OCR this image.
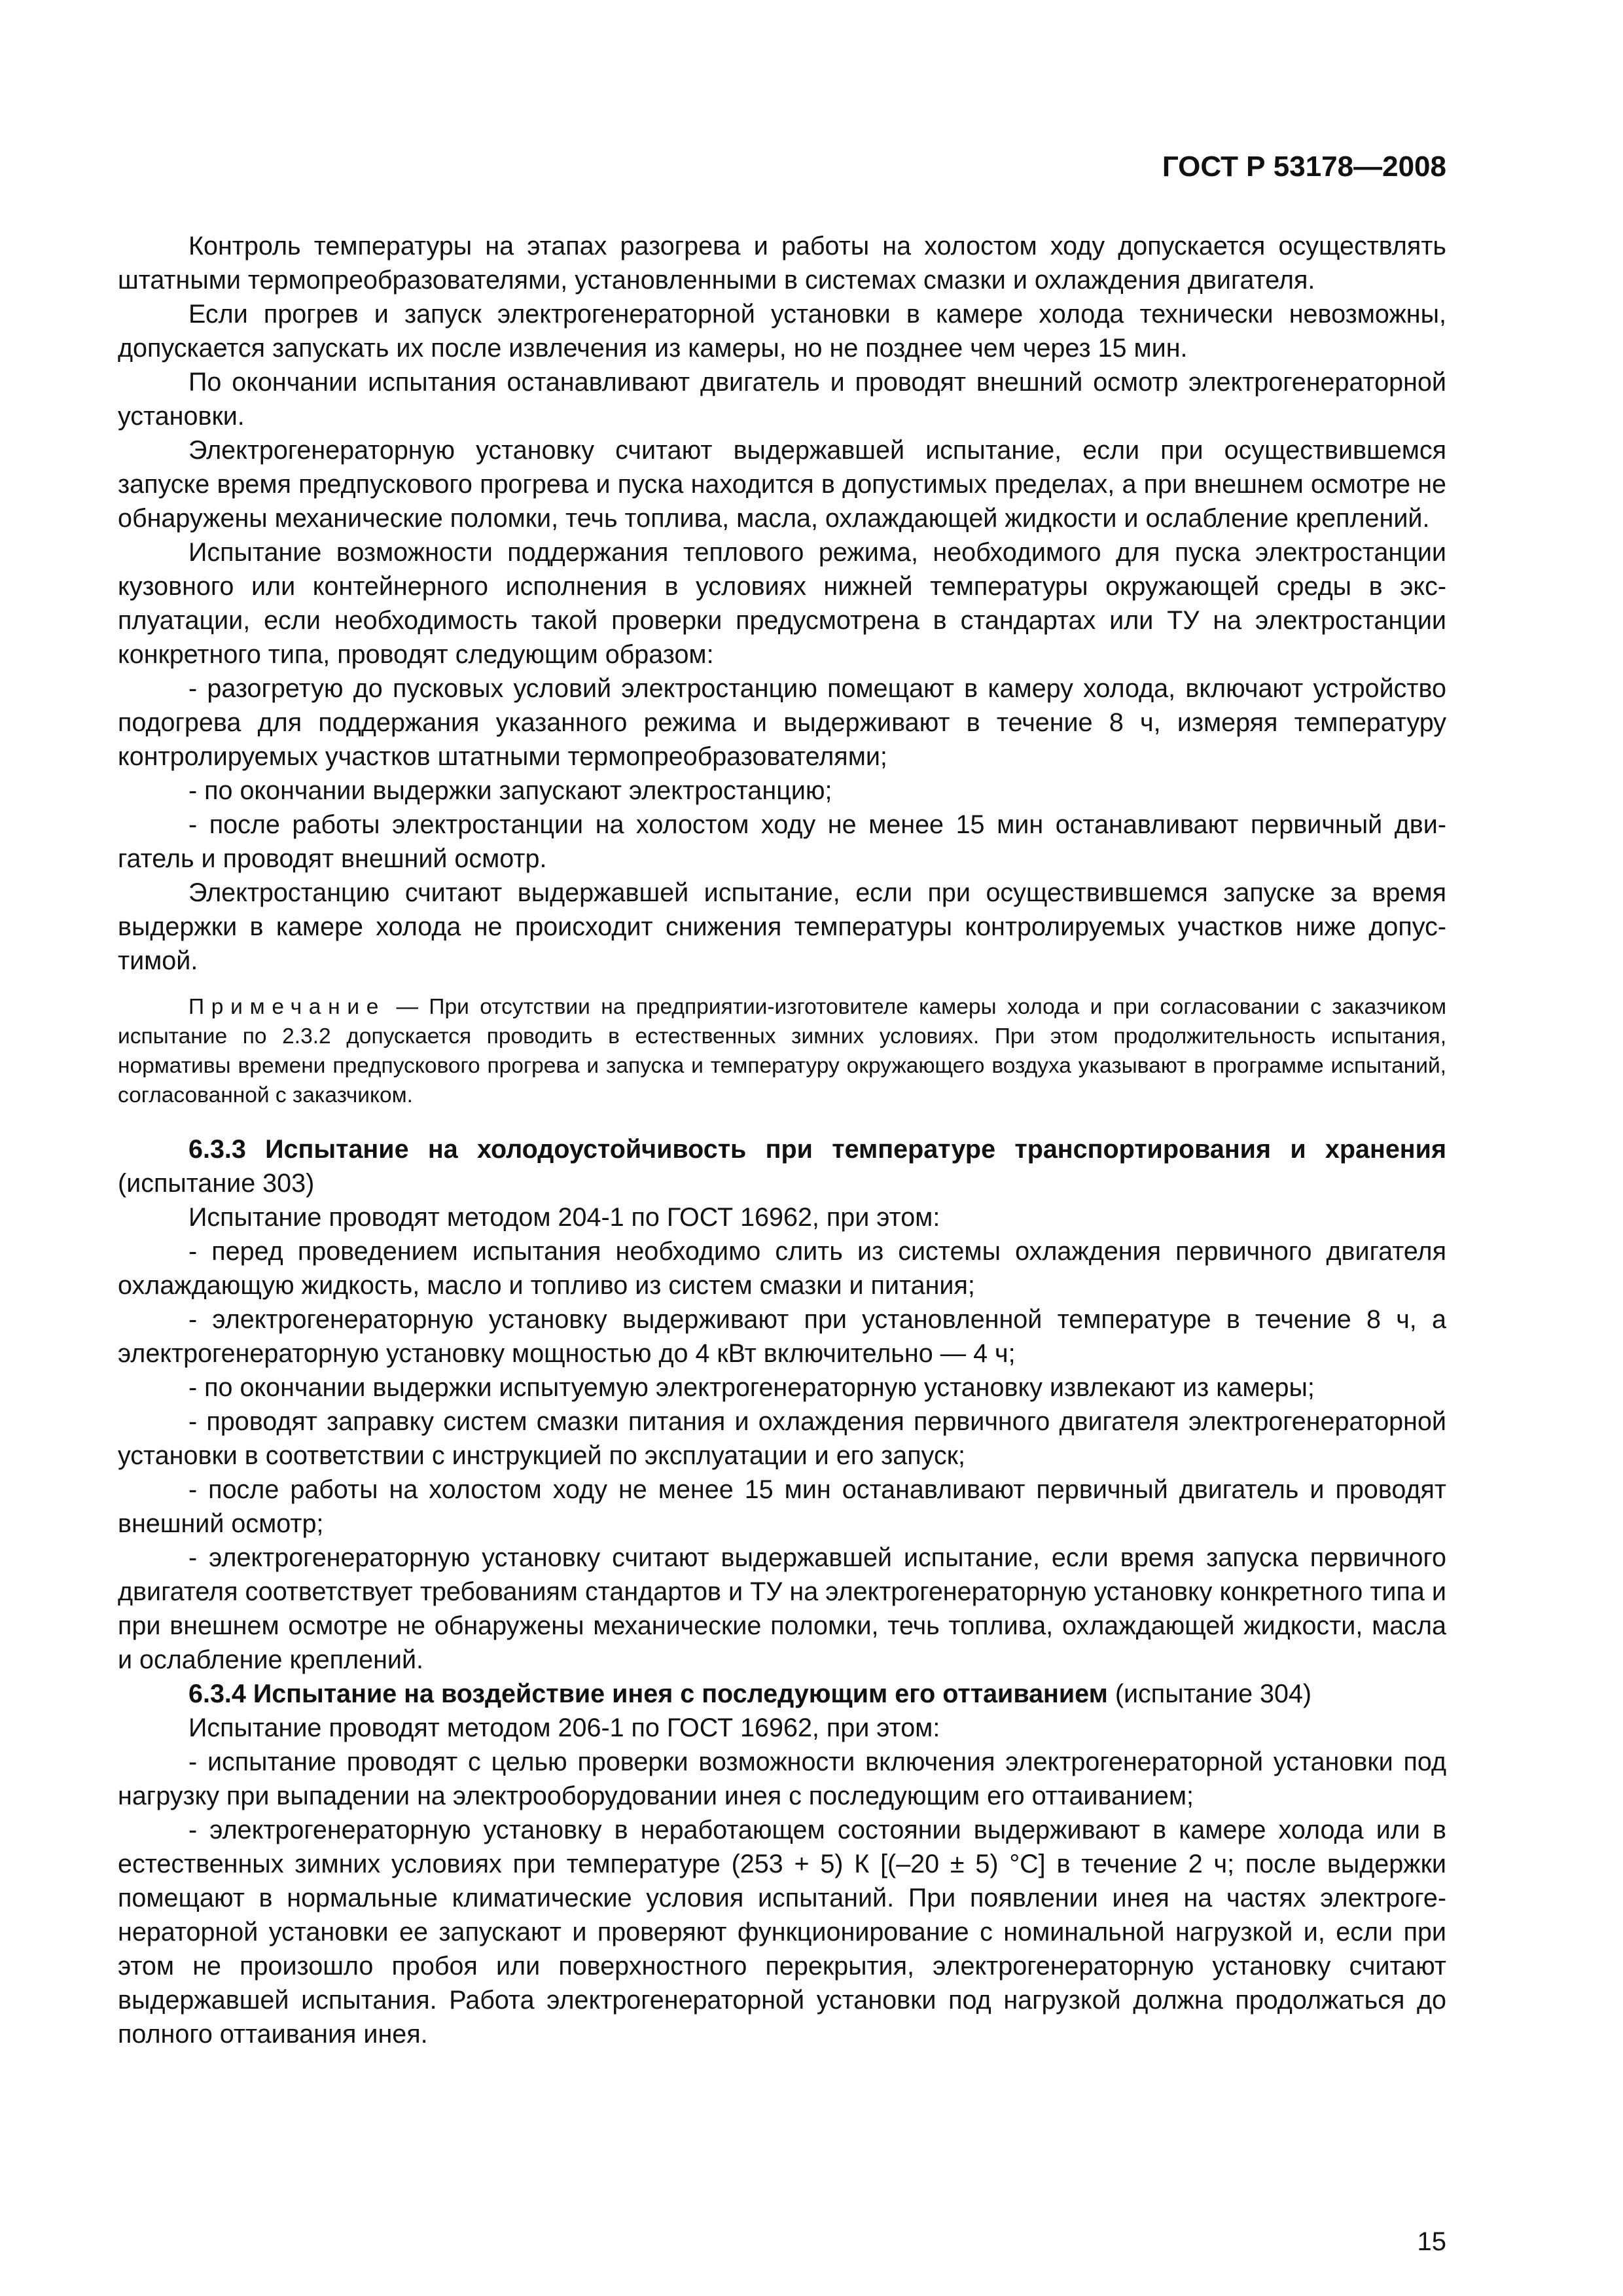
ГОСТ Р 53178—2008

Контроль температуры на этапах разогрева и работы на холостом ходу допускается осуществлять штатными термопреобразователями, установленными в системах смазки и охлаждения двигателя.

Если прогрев и запуск электрогенераторной установки в камере холода технически невозможны, допускается запускать их после извлечения из камеры, но не позднее чем через 15 мин.

По окончании испытания останавливают двигатель и проводят внешний осмотр электрогенераторной установки.

Электрогенераторную установку считают выдержавшей испытание, если при осуществившемся запуске время предпускового прогрева и пуска находится в допустимых пределах, а при внешнем осмотре не обнаружены механические поломки, течь топлива, масла, охлаждающей жидкости и ослабление креплений.

Испытание возможности поддержания теплового режима, необходимого для пуска электростанции кузовного или контейнерного исполнения в условиях нижней температуры окружающей среды в эксплуатации, если необходимость такой проверки предусмотрена в стандартах или ТУ на электростанции конкретного типа, проводят следующим образом:

- разогретую до пусковых условий электростанцию помещают в камеру холода, включают устройство подогрева для поддержания указанного режима и выдерживают в течение 8 ч, измеряя температуру контролируемых участков штатными термопреобразователями;

- по окончании выдержки запускают электростанцию;

- после работы электростанции на холостом ходу не менее 15 мин останавливают первичный двигатель и проводят внешний осмотр.

Электростанцию считают выдержавшей испытание, если при осуществившемся запуске за время выдержки в камере холода не происходит снижения температуры контролируемых участков ниже допустимой.

Примечание — При отсутствии на предприятии-изготовителе камеры холода и при согласовании с заказчиком испытание по 2.3.2 допускается проводить в естественных зимних условиях. При этом продолжительность испытания, нормативы времени предпускового прогрева и запуска и температуру окружающего воздуха указывают в программе испытаний, согласованной с заказчиком.

6.3.3 Испытание на холодоустойчивость при температуре транспортирования и хранения (испытание 303)

Испытание проводят методом 204-1 по ГОСТ 16962, при этом:

- перед проведением испытания необходимо слить из системы охлаждения первичного двигателя охлаждающую жидкость, масло и топливо из систем смазки и питания;

- электрогенераторную установку выдерживают при установленной температуре в течение 8 ч, а электрогенераторную установку мощностью до 4 кВт включительно — 4 ч;

- по окончании выдержки испытуемую электрогенераторную установку извлекают из камеры;

- проводят заправку систем смазки питания и охлаждения первичного двигателя электрогенераторной установки в соответствии с инструкцией по эксплуатации и его запуск;

- после работы на холостом ходу не менее 15 мин останавливают первичный двигатель и проводят внешний осмотр;

- электрогенераторную установку считают выдержавшей испытание, если время запуска первичного двигателя соответствует требованиям стандартов и ТУ на электрогенераторную установку конкретного типа и при внешнем осмотре не обнаружены механические поломки, течь топлива, охлаждающей жидкости, масла и ослабление креплений.

6.3.4 Испытание на воздействие инея с последующим его оттаиванием (испытание 304)

Испытание проводят методом 206-1 по ГОСТ 16962, при этом:

- испытание проводят с целью проверки возможности включения электрогенераторной установки под нагрузку при выпадении на электрооборудовании инея с последующим его оттаиванием;

- электрогенераторную установку в неработающем состоянии выдерживают в камере холода или в естественных зимних условиях при температуре (253 + 5) К [(–20 ± 5) °С] в течение 2 ч; после выдержки помещают в нормальные климатические условия испытаний. При появлении инея на частях электрогенераторной установки ее запускают и проверяют функционирование с номинальной нагрузкой и, если при этом не произошло пробоя или поверхностного перекрытия, электрогенераторную установку считают выдержавшей испытания. Работа электрогенераторной установки под нагрузкой должна продолжаться до полного оттаивания инея.

15
